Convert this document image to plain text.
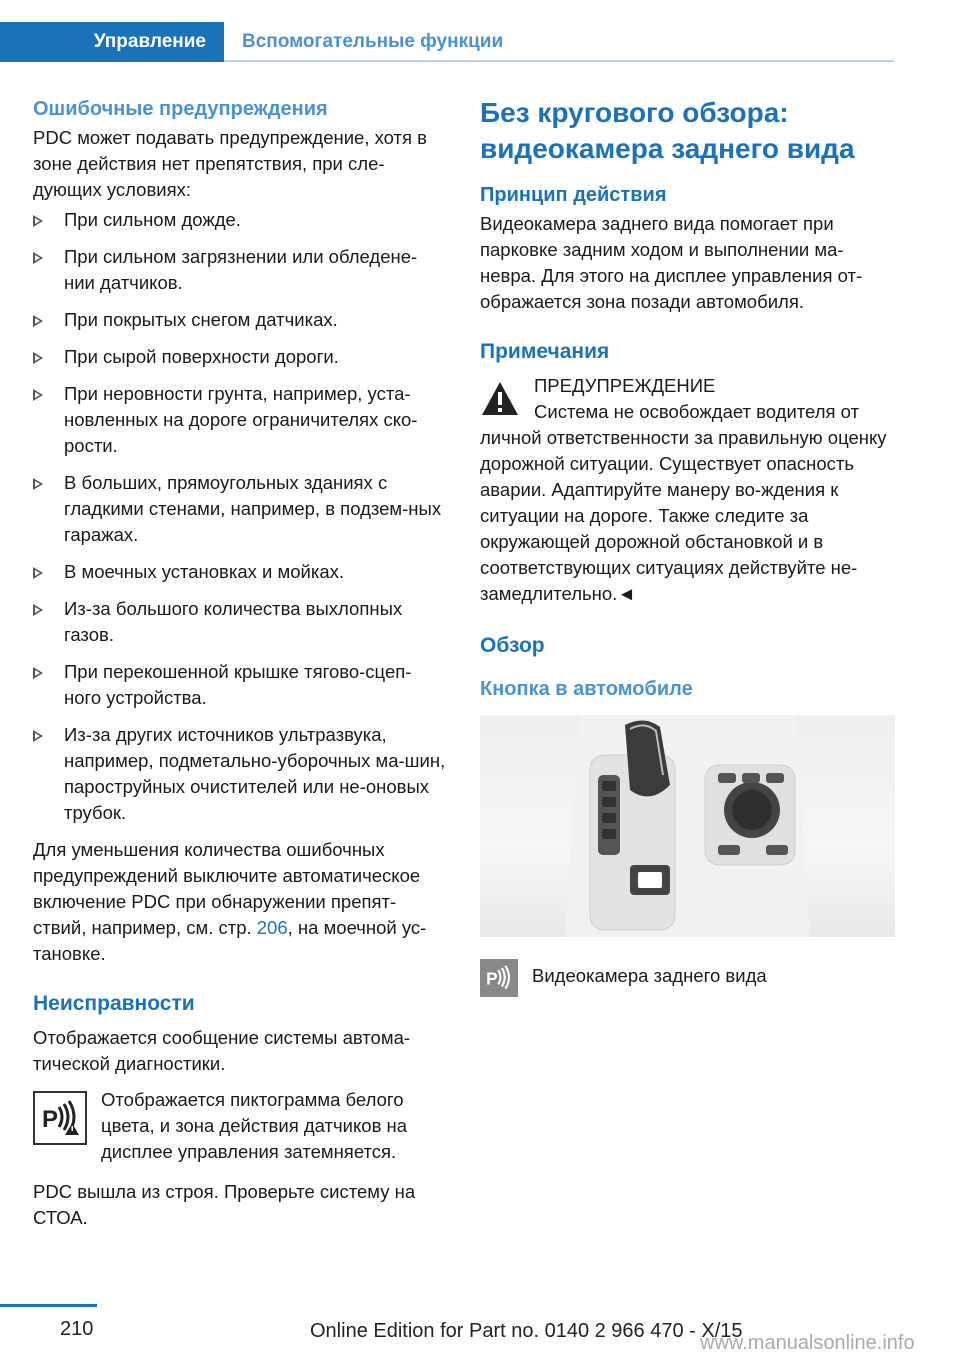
Управление	Вспомогательные функции
Ошибочные предупреждения

PDC может подавать предупреждение, хотя в зоне действия нет препятствия, при сле-дующих условиях:

При сильном дожде.
При сильном загрязнении или обледене-нии датчиков.
При покрытых снегом датчиках.
При сырой поверхности дороги.
При неровности грунта, например, уста-новленных на дороге ограничителях ско-рости.
В больших, прямоугольных зданиях с гладкими стенами, например, в подзем-ных гаражах.
В моечных установках и мойках.
Из-за большого количества выхлопных газов.
При перекошенной крышке тягово-сцеп-ного устройства.
Из-за других источников ультразвука, например, подметально-уборочных ма-шин, пароструйных очистителей или не-оновых трубок.

Для уменьшения количества ошибочных предупреждений выключите автоматическое включение PDC при обнаружении препят-ствий, например, см. стр. 206, на моечной ус-тановке.

Неисправности

Отображается сообщение системы автома-тической диагностики.

P

Отображается пиктограмма белого цвета, и зона действия датчиков на дисплее управления затемняется.

PDC вышла из строя. Проверьте систему на СТОА.

Без кругового обзора: видеокамера заднего вида
Принцип действия

Видеокамера заднего вида помогает при парковке задним ходом и выполнении ма-невра. Для этого на дисплее управления от-ображается зона позади автомобиля.

Примечания

ПРЕДУПРЕЖДЕНИЕ

Система не освобождает водителя от

личной ответственности за правильную оценку дорожной ситуации. Существует опасность аварии. Адаптируйте манеру во-ждения к ситуации на дороге. Также следите за окружающей дорожной обстановкой и в соответствующих ситуациях действуйте не-замедлительно.◄

Обзор
Кнопка в автомобиле
P Видеокамера заднего вида

210	Online Edition for Part no. 0140 2 966 470 - X/15
www.manualsonline.info
